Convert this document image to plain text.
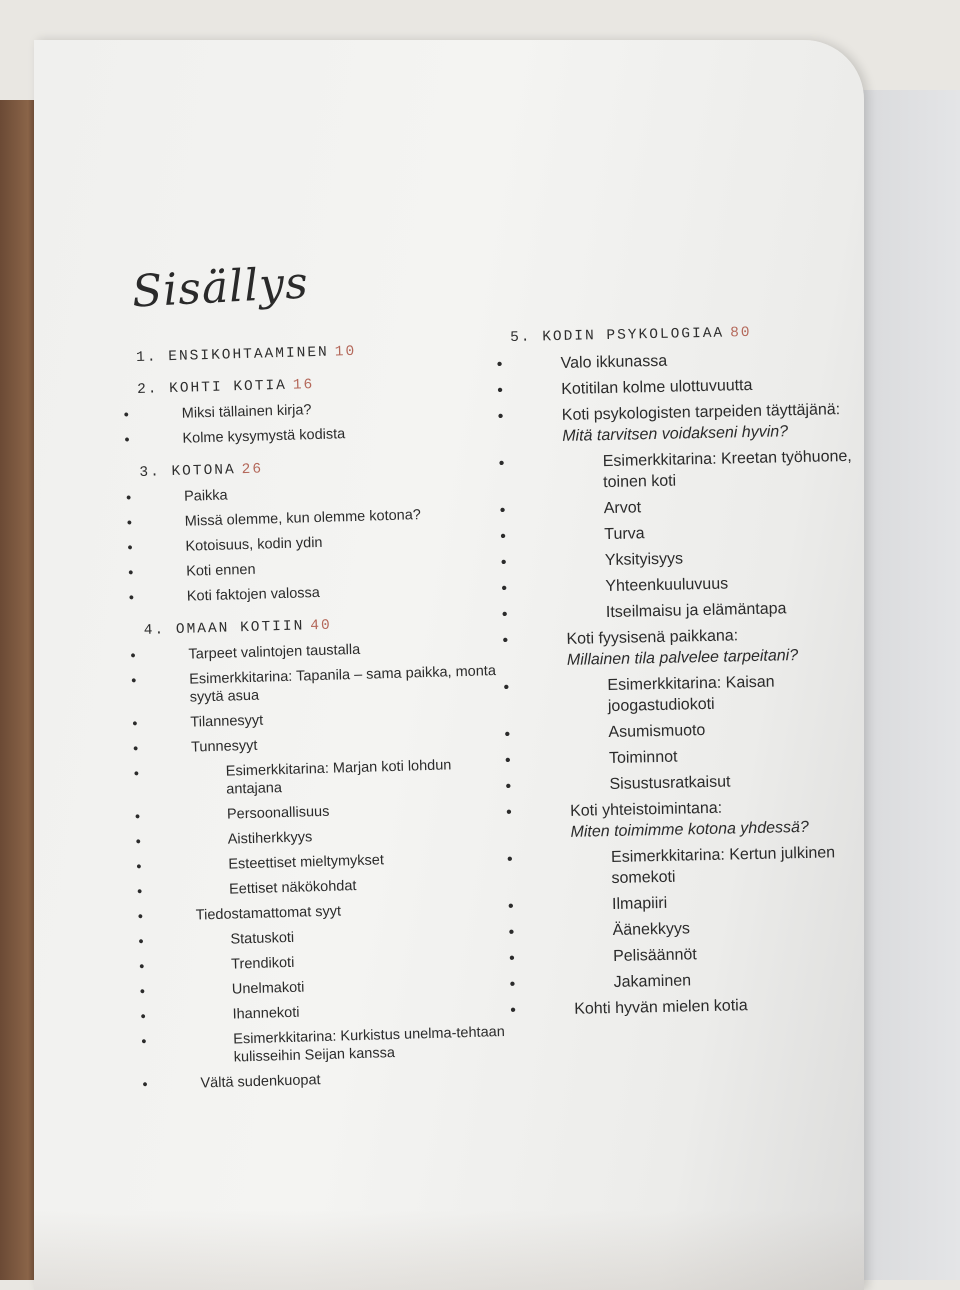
Sisällys
1. ENSIKOHTAAMINEN 10
2. KOHTI KOTIA 16
• Miksi tällainen kirja?
• Kolme kysymystä kodista
3. KOTONA 26
• Paikka
• Missä olemme, kun olemme kotona?
• Kotoisuus, kodin ydin
• Koti ennen
• Koti faktojen valossa
4. OMAAN KOTIIN 40
• Tarpeet valintojen taustalla
• Esimerkkitarina: Tapanila – sama paikka, monta syytä asua
• Tilannesyyt
• Tunnesyyt
• Esimerkkitarina: Marjan koti lohdun antajana
• Persoonallisuus
• Aistiherkkyys
• Esteettiset mieltymykset
• Eettiset näkökohdat
• Tiedostamattomat syyt
• Statuskoti
• Trendikoti
• Unelmakoti
• Ihannekoti
• Esimerkkitarina: Kurkistus unelma-tehtaan kulisseihin Seijan kanssa
• Vältä sudenkuopat
5. KODIN PSYKOLOGIAA 80
• Valo ikkunassa
• Kotitilan kolme ulottuvuutta
• Koti psykologisten tarpeiden täyttäjänä:
Mitä tarvitsen voidakseni hyvin?
• Esimerkkitarina: Kreetan työhuone, toinen koti
• Arvot
• Turva
• Yksityisyys
• Yhteenkuuluvuus
• Itseilmaisu ja elämäntapa
• Koti fyysisenä paikkana:
Millainen tila palvelee tarpeitani?
• Esimerkkitarina: Kaisan joogastudiokoti
• Asumismuoto
• Toiminnot
• Sisustusratkaisut
• Koti yhteistoimintana:
Miten toimimme kotona yhdessä?
• Esimerkkitarina: Kertun julkinen somekoti
• Ilmapiiri
• Äänekkyys
• Pelisäännöt
• Jakaminen
• Kohti hyvän mielen kotia
